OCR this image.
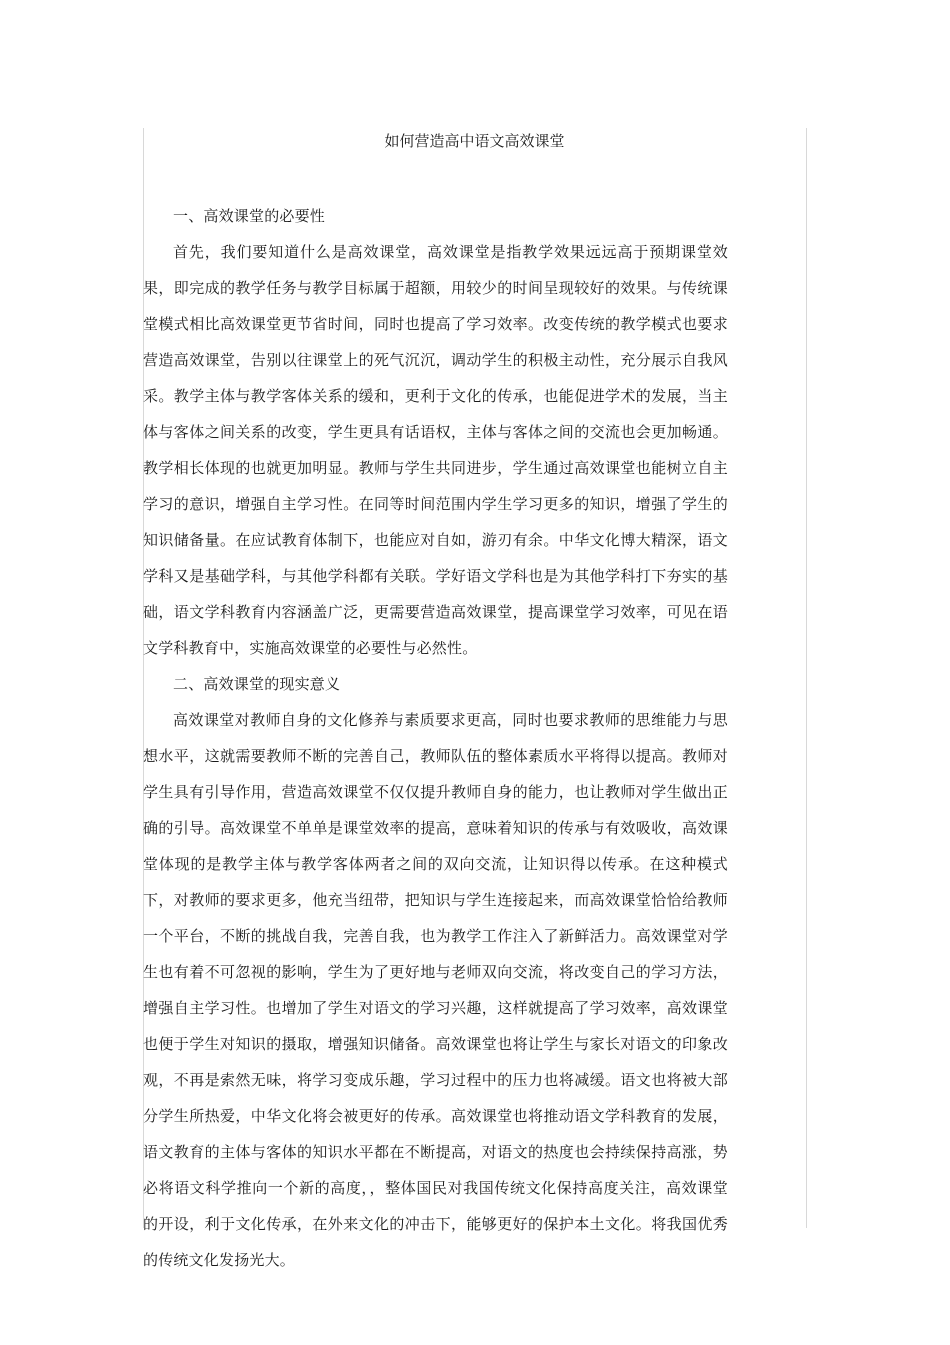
如何营造高中语文高效课堂

一、高效课堂的必要性

首先，我们要知道什么是高效课堂，高效课堂是指教学效果远远高于预期课堂效果，即完成的教学任务与教学目标属于超额，用较少的时间呈现较好的效果。与传统课堂模式相比高效课堂更节省时间，同时也提高了学习效率。改变传统的教学模式也要求营造高效课堂，告别以往课堂上的死气沉沉，调动学生的积极主动性，充分展示自我风采。教学主体与教学客体关系的缓和，更利于文化的传承，也能促进学术的发展，当主体与客体之间关系的改变，学生更具有话语权，主体与客体之间的交流也会更加畅通。教学相长体现的也就更加明显。教师与学生共同进步，学生通过高效课堂也能树立自主学习的意识，增强自主学习性。在同等时间范围内学生学习更多的知识，增强了学生的知识储备量。在应试教育体制下，也能应对自如，游刃有余。中华文化博大精深，语文学科又是基础学科，与其他学科都有关联。学好语文学科也是为其他学科打下夯实的基础，语文学科教育内容涵盖广泛，更需要营造高效课堂，提高课堂学习效率，可见在语文学科教育中，实施高效课堂的必要性与必然性。

二、高效课堂的现实意义

高效课堂对教师自身的文化修养与素质要求更高，同时也要求教师的思维能力与思想水平，这就需要教师不断的完善自己，教师队伍的整体素质水平将得以提高。教师对学生具有引导作用，营造高效课堂不仅仅提升教师自身的能力，也让教师对学生做出正确的引导。高效课堂不单单是课堂效率的提高，意味着知识的传承与有效吸收，高效课堂体现的是教学主体与教学客体两者之间的双向交流，让知识得以传承。在这种模式下，对教师的要求更多，他充当纽带，把知识与学生连接起来，而高效课堂恰恰给教师一个平台，不断的挑战自我，完善自我，也为教学工作注入了新鲜活力。高效课堂对学生也有着不可忽视的影响，学生为了更好地与老师双向交流，将改变自己的学习方法，增强自主学习性。也增加了学生对语文的学习兴趣，这样就提高了学习效率，高效课堂也便于学生对知识的摄取，增强知识储备。高效课堂也将让学生与家长对语文的印象改观，不再是索然无味，将学习变成乐趣，学习过程中的压力也将减缓。语文也将被大部分学生所热爱，中华文化将会被更好的传承。高效课堂也将推动语文学科教育的发展，语文教育的主体与客体的知识水平都在不断提高，对语文的热度也会持续保持高涨，势必将语文科学推向一个新的高度，，整体国民对我国传统文化保持高度关注，高效课堂的开设，利于文化传承，在外来文化的冲击下，能够更好的保护本土文化。将我国优秀的传统文化发扬光大。
